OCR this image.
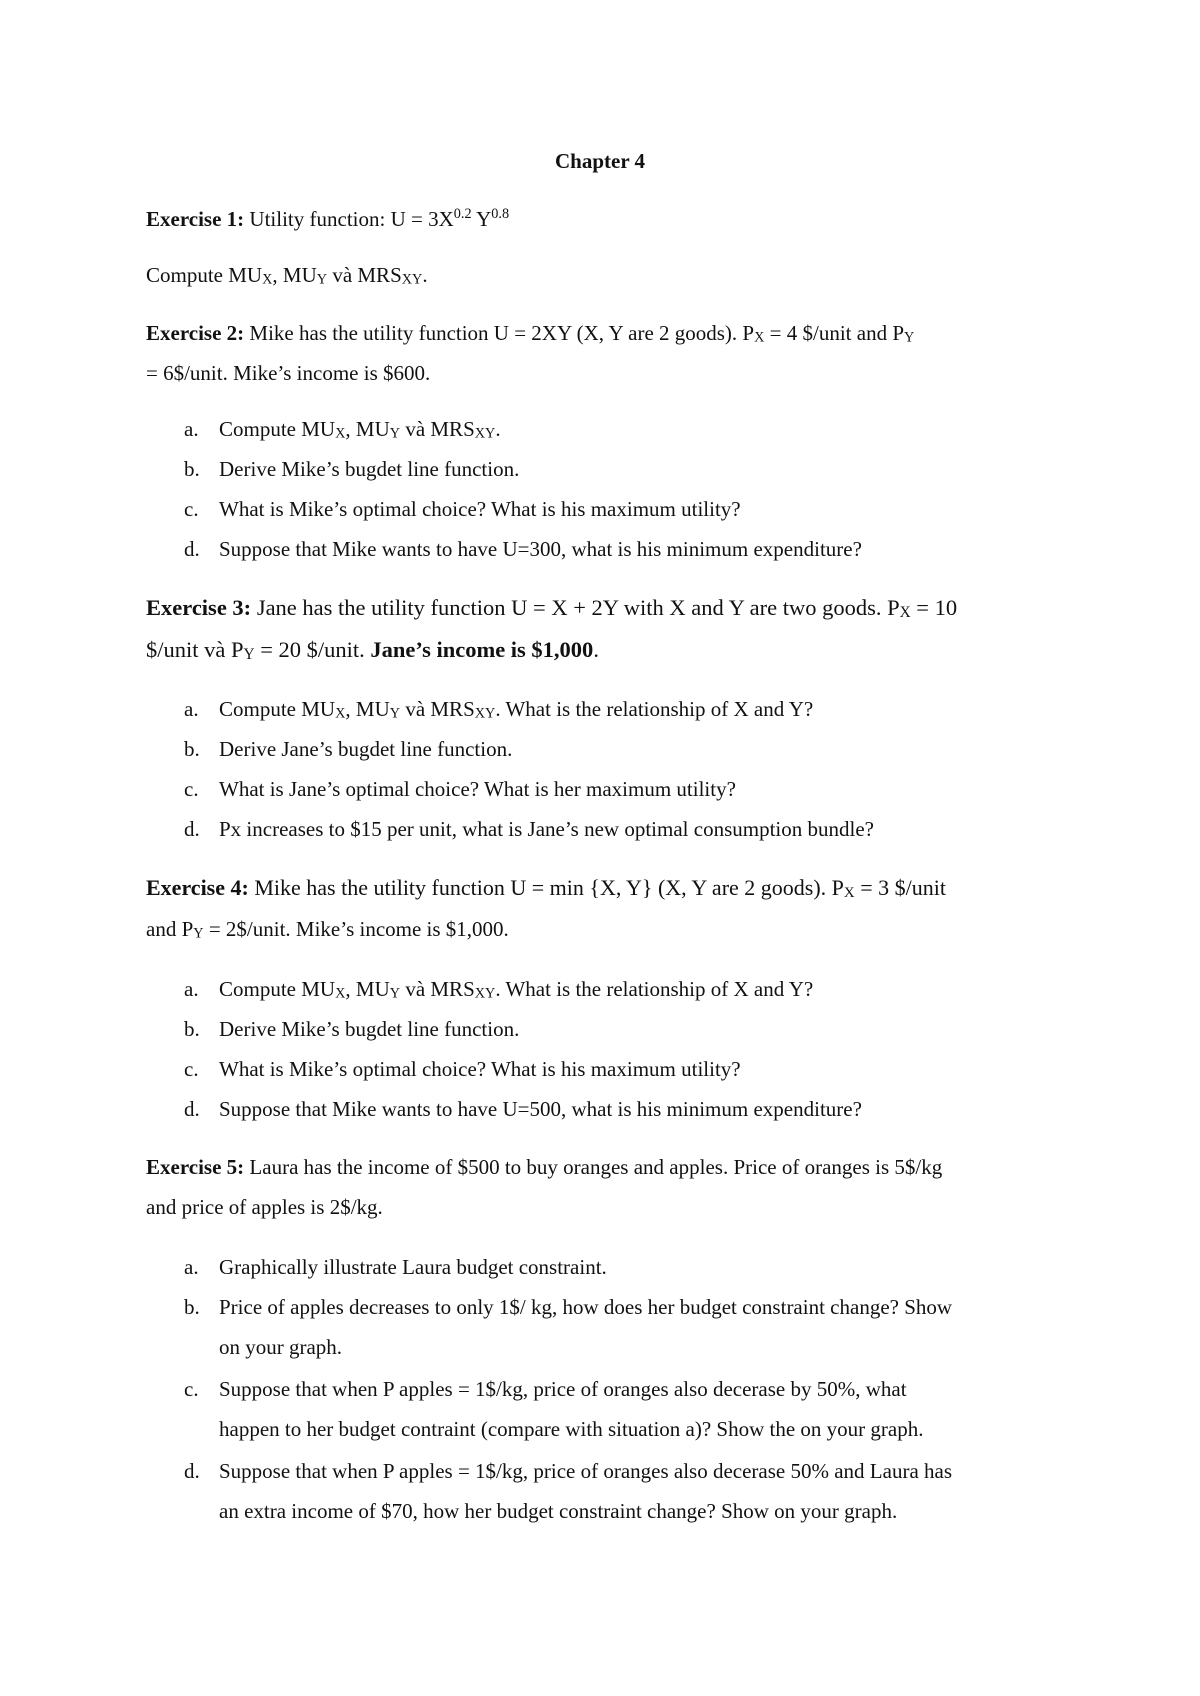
Chapter 4
Exercise 1: Utility function: $U = 3X^{0.2}$ $Y^{0.8}$
Compute $MU_X$, $MU_Y$ và $MRS_{XY}$.
Exercise 2: Mike has the utility function U = 2XY (X, Y are 2 goods). $P_X = 4$ $/unit and $P_Y$
= 6$/unit. Mike’s income is $600.
a. Compute $MU_X$, $MU_Y$ và $MRS_{XY}$.
b. Derive Mike’s bugdet line function.
c. What is Mike’s optimal choice? What is his maximum utility?
d. Suppose that Mike wants to have U=300, what is his minimum expenditure?
Exercise 3: Jane has the utility function U = X + 2Y with X and Y are two goods. $P_X = 10$
$/unit và $P_Y = 20$ $/unit. Jane’s income is $1,000.
a. Compute $MU_X$, $MU_Y$ và $MRS_{XY}$. What is the relationship of X and Y?
b. Derive Jane’s bugdet line function.
c. What is Jane’s optimal choice? What is her maximum utility?
d. Px increases to $15 per unit, what is Jane’s new optimal consumption bundle?
Exercise 4: Mike has the utility function U = min {X, Y} (X, Y are 2 goods). $P_X = 3$ $/unit
and $P_Y$ = 2$/unit. Mike’s income is $1,000.
a. Compute $MU_X$, $MU_Y$ và $MRS_{XY}$. What is the relationship of X and Y?
b. Derive Mike’s bugdet line function.
c. What is Mike’s optimal choice? What is his maximum utility?
d. Suppose that Mike wants to have U=500, what is his minimum expenditure?
Exercise 5: Laura has the income of $500 to buy oranges and apples. Price of oranges is 5$/kg
and price of apples is 2$/kg.
a. Graphically illustrate Laura budget constraint.
b. Price of apples decreases to only 1$/ kg, how does her budget constraint change? Show
on your graph.
c. Suppose that when P apples = 1$/kg, price of oranges also decerase by 50%, what
happen to her budget contraint (compare with situation a)? Show the on your graph.
d. Suppose that when P apples = 1$/kg, price of oranges also decerase 50% and Laura has
an extra income of $70, how her budget constraint change? Show on your graph.
